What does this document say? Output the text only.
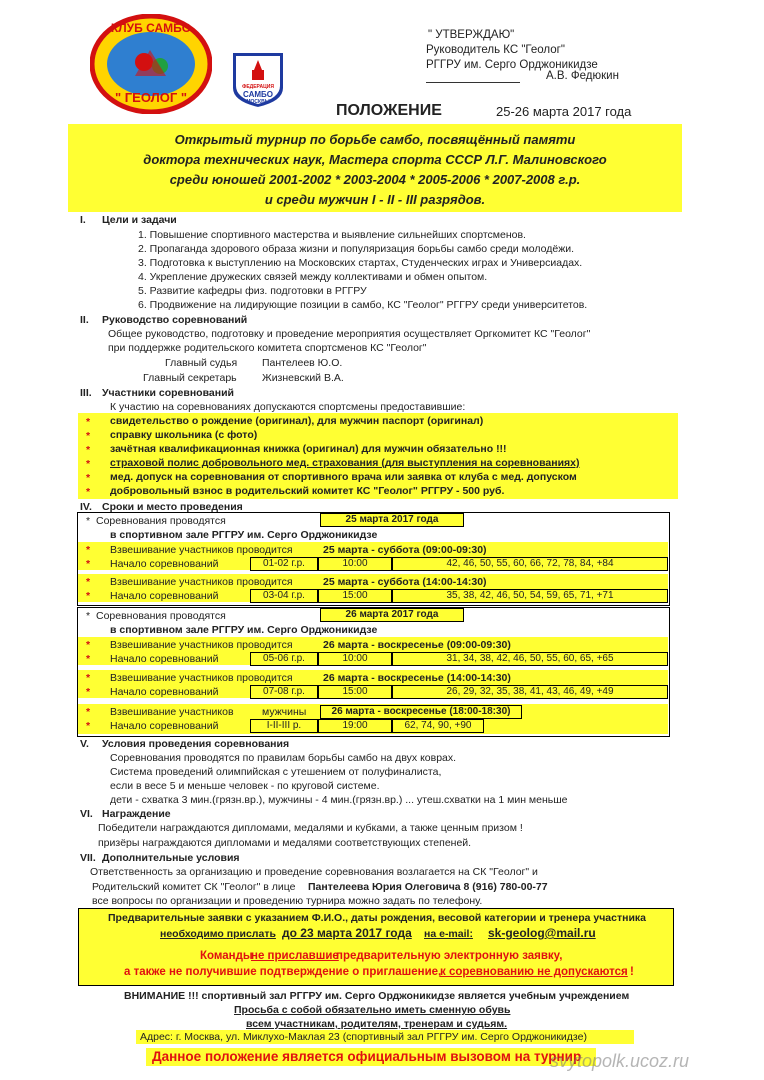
КЛУБ САМБО
" ГЕОЛОГ "
ФЕДЕРАЦИЯ
САМБО
МОСКВЫ
" УТВЕРЖДАЮ"
Руководитель КС "Геолог"
РГГРУ им. Серго Орджоникидзе
А.В. Федюкин
ПОЛОЖЕНИЕ	25-26 марта 2017 года
Открытый турнир по борьбе самбо, посвящённый памяти
доктора технических наук, Мастера спорта СССР Л.Г. Малиновского
среди юношей 2001-2002 * 2003-2004 * 2005-2006 * 2007-2008 г.р.
и среди мужчин I - II - III разрядов.
I. Цели и задачи
1. Повышение спортивного мастерства и выявление сильнейших спортсменов.
2. Пропаганда здорового образа жизни и популяризация борьбы самбо среди молодёжи.
3. Подготовка к выступлению на Московских стартах, Студенческих играх и Универсиадах.
4. Укрепление дружеских связей между коллективами и обмен опытом.
5. Развитие кафедры физ. подготовки в РГГРУ
6. Продвижение на лидирующие позиции в самбо, КС "Геолог" РГГРУ среди университетов.
II. Руководство соревнований
Общее руководство, подготовку и проведение мероприятия осуществляет Оргкомитет КС "Геолог"
при поддержке родительского комитета спортсменов КС "Геолог"
Главный судья Пантелеев Ю.О.
Главный секретарь Жизневский В.А.
III. Участники соревнований
К участию на соревнованиях допускаются спортсмены предоставившие:
* свидетельство о рождение (оригинал), для мужчин паспорт (оригинал)
* справку школьника (с фото)
* зачётная квалификационная книжка (оригинал) для мужчин обязательно !!!
* страховой полис добровольного мед. страхования (для выступления на соревнованиях)
* мед. допуск на соревнования от спортивного врача или заявка от клуба с мед. допуском
* добровольный взнос в родительский комитет КС "Геолог" РГГРУ - 500 руб.
IV. Сроки и место проведения
* Соревнования проводятся	25 марта 2017 года
в спортивном зале РГГРУ им. Серго Орджоникидзе
* Взвешивание участников проводится	25 марта - суббота (09:00-09:30)
* Начало соревнований	01-02 г.р.	10:00	42, 46, 50, 55, 60, 66, 72, 78, 84, +84
* Взвешивание участников проводится	25 марта - суббота (14:00-14:30)
* Начало соревнований	03-04 г.р.	15:00	35, 38, 42, 46, 50, 54, 59, 65, 71, +71
* Соревнования проводятся	26 марта 2017 года
в спортивном зале РГГРУ им. Серго Орджоникидзе
* Взвешивание участников проводится	26 марта - воскресенье (09:00-09:30)
* Начало соревнований	05-06 г.р.	10:00	31, 34, 38, 42, 46, 50, 55, 60, 65, +65
* Взвешивание участников проводится	26 марта - воскресенье (14:00-14:30)
* Начало соревнований	07-08 г.р.	15:00	26, 29, 32, 35, 38, 41, 43, 46, 49, +49
* Взвешивание участников	мужчины	26 марта - воскресенье (18:00-18:30)
* Начало соревнований	I-II-III р.	19:00	62, 74, 90, +90
V. Условия проведения соревнования
Соревнования проводятся по правилам борьбы самбо на двух коврах.
Система проведений олимпийская с утешением от полуфиналиста,
если в весе 5 и меньше человек - по круговой системе.
дети - схватка 3 мин.(грязн.вр.), мужчины - 4 мин.(грязн.вр.) ... утеш.схватки на 1 мин меньше
VI. Награждение
Победители награждаются дипломами, медалями и кубками, а также ценным призом !
призёры награждаются дипломами и медалями соответствующих степеней.
VII. Дополнительные условия
Ответственность за организацию и проведение соревнования возлагается на СК "Геолог" и
Родительский комитет СК "Геолог" в лице Пантелеева Юрия Олеговича 8 (916) 780-00-77
все вопросы по организации и проведению турнира можно задать по телефону.
Предварительные заявки с указанием Ф.И.О., даты рождения, весовой категории и тренера участника
необходимо прислать до 23 марта 2017 года на e-mail: sk-geolog@mail.ru
Команды
не приславшие
предварительную электронную заявку,
а также не получившие подтверждение о приглашение,
к соревнованию не допускаются !
ВНИМАНИЕ !!! спортивный зал РГГРУ им. Серго Орджоникидзе является учебным учреждением
Просьба с собой обязательно иметь сменную обувь
всем участникам, родителям, тренерам и судьям.
Адрес: г. Москва, ул. Миклухо-Маклая 23 (спортивный зал РГГРУ им. Серго Орджоникидзе)
Данное положение является официальным вызовом на турнир
svytopolk.ucoz.ru
